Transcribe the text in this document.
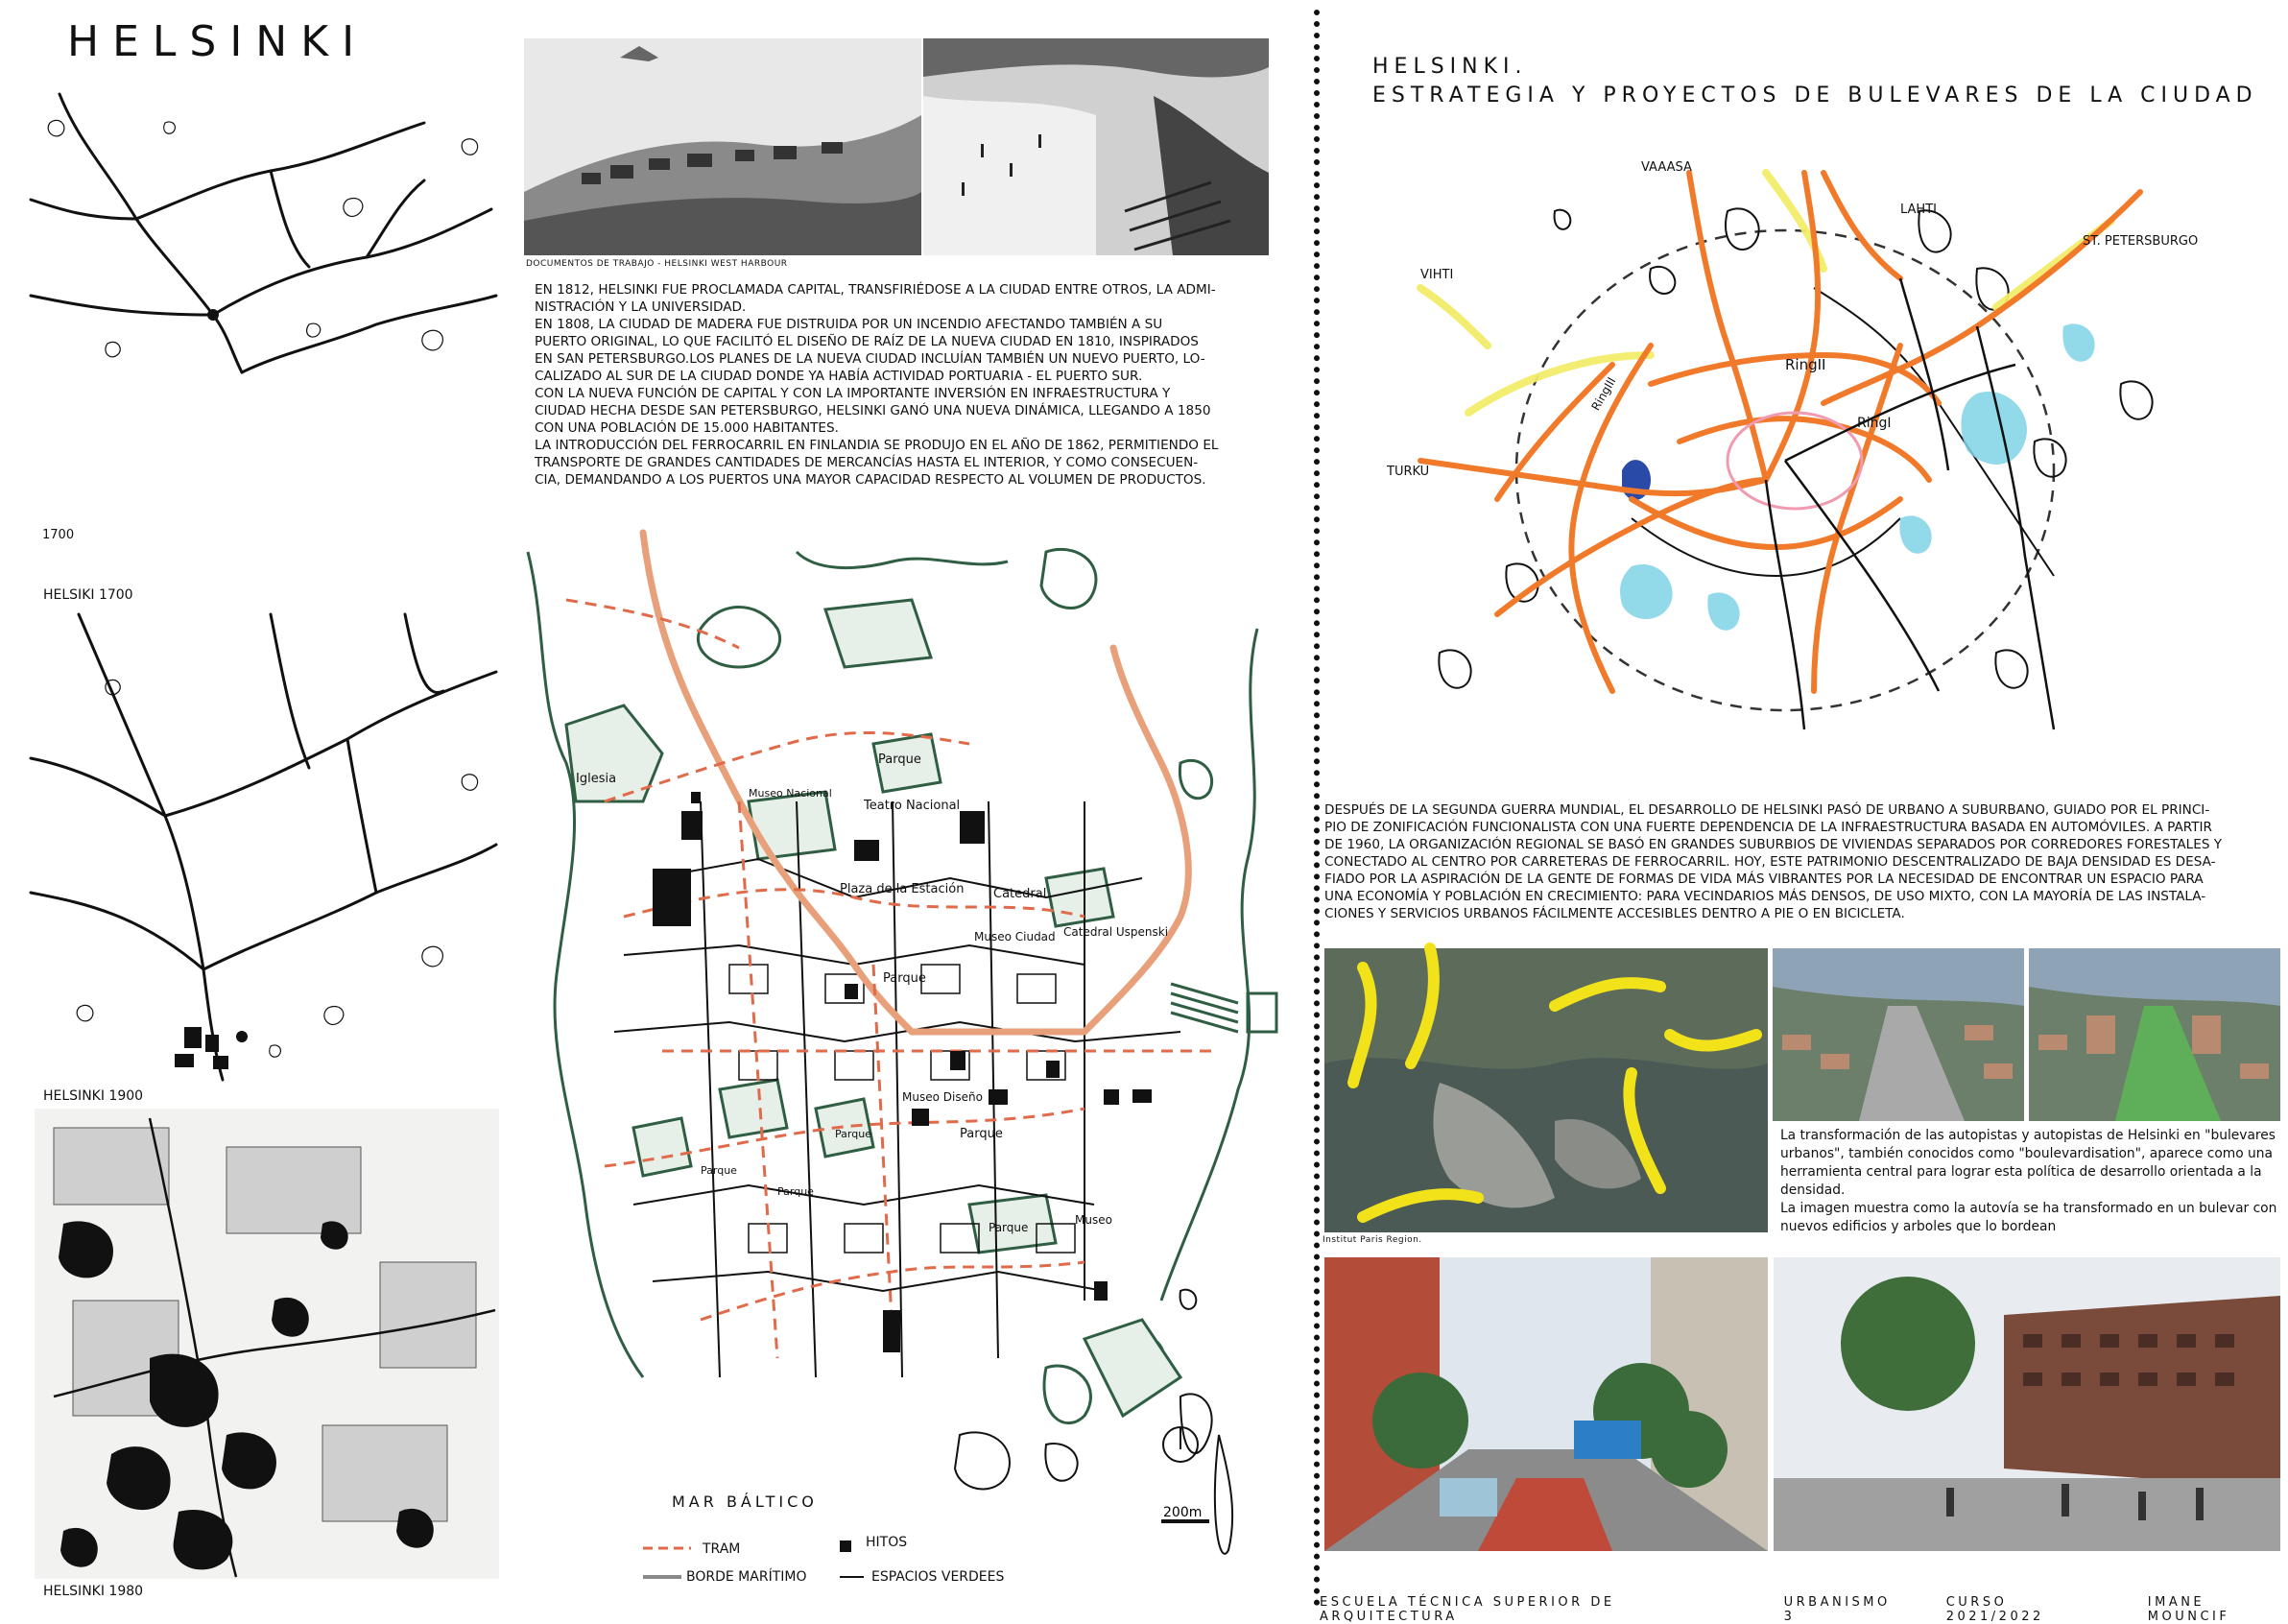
HELSINKI
1700
HELSIKI 1700
HELSINKI 1900
HELSINKI 1980
DOCUMENTOS DE TRABAJO - HELSINKI WEST HARBOUR
EN 1812, HELSINKI FUE PROCLAMADA CAPITAL, TRANSFIRIÉDOSE A LA CIUDAD ENTRE OTROS, LA ADMI-
NISTRACIÓN Y LA UNIVERSIDAD.
EN 1808, LA CIUDAD DE MADERA FUE DISTRUIDA POR UN INCENDIO AFECTANDO TAMBIÉN A SU
PUERTO ORIGINAL, LO QUE FACILITÓ EL DISEÑO DE RAÍZ DE LA NUEVA CIUDAD EN 1810, INSPIRADOS
EN SAN PETERSBURGO.LOS PLANES DE LA NUEVA CIUDAD INCLUÍAN TAMBIÉN UN NUEVO PUERTO, LO-
CALIZADO AL SUR DE LA CIUDAD DONDE YA HABÍA ACTIVIDAD PORTUARIA - EL PUERTO SUR.
CON LA NUEVA FUNCIÓN DE CAPITAL Y CON LA IMPORTANTE INVERSIÓN EN INFRAESTRUCTURA Y
CIUDAD HECHA DESDE SAN PETERSBURGO, HELSINKI GANÓ UNA NUEVA DINÁMICA, LLEGANDO A 1850
CON UNA POBLACIÓN DE 15.000 HABITANTES.
LA INTRODUCCIÓN DEL FERROCARRIL EN FINLANDIA SE PRODUJO EN EL AÑO DE 1862, PERMITIENDO EL
TRANSPORTE DE GRANDES CANTIDADES DE MERCANCÍAS HASTA EL INTERIOR, Y COMO CONSECUEN-
CIA, DEMANDANDO A LOS PUERTOS UNA MAYOR CAPACIDAD RESPECTO AL VOLUMEN DE PRODUCTOS.
200m
Iglesia
Museo Nacional
Parque
Teatro Nacional
Plaza de la Estación Catedral
Museo Ciudad Catedral Uspenski
Parque
Museo Diseño
Parque
Parque
Parque
Parque
Parque
Museo
MAR BÁLTICO
TRAM	HITOS
BORDE MARÍTIMO	ESPACIOS VERDEES
HELSINKI.
ESTRATEGIA Y PROYECTOS DE BULEVARES DE LA CIUDAD
VAAASA
VIHTI
LAHTI
ST. PETERSBURGO
TURKU
RingII
RingI
RingIII
DESPUÉS DE LA SEGUNDA GUERRA MUNDIAL, EL DESARROLLO DE HELSINKI PASÓ DE URBANO A SUBURBANO, GUIADO POR EL PRINCI-
PIO DE ZONIFICACIÓN FUNCIONALISTA CON UNA FUERTE DEPENDENCIA DE LA INFRAESTRUCTURA BASADA EN AUTOMÓVILES. A PARTIR
DE 1960, LA ORGANIZACIÓN REGIONAL SE BASÓ EN GRANDES SUBURBIOS DE VIVIENDAS SEPARADOS POR CORREDORES FORESTALES Y
CONECTADO AL CENTRO POR CARRETERAS DE FERROCARRIL. HOY, ESTE PATRIMONIO DESCENTRALIZADO DE BAJA DENSIDAD ES DESA-
FIADO POR LA ASPIRACIÓN DE LA GENTE DE FORMAS DE VIDA MÁS VIBRANTES POR LA NECESIDAD DE ENCONTRAR UN ESPACIO PARA
UNA ECONOMÍA Y POBLACIÓN EN CRECIMIENTO: PARA VECINDARIOS MÁS DENSOS, DE USO MIXTO, CON LA MAYORÍA DE LAS INSTALA-
CIONES Y SERVICIOS URBANOS FÁCILMENTE ACCESIBLES DENTRO A PIE O EN BICICLETA.
Institut Paris Region.
La transformación de las autopistas y autopistas de Helsinki en "bulevares
urbanos", también conocidos como "boulevardisation", aparece como una
herramienta central para lograr esta política de desarrollo orientada a la
densidad.
La imagen muestra como la autovía se ha transformado en un bulevar con
nuevos edificios y arboles que lo bordean
ESCUELA TÉCNICA SUPERIOR DE ARQUITECTURA
URBANISMO 3
CURSO 2021/2022
IMANE MOUNCIF
